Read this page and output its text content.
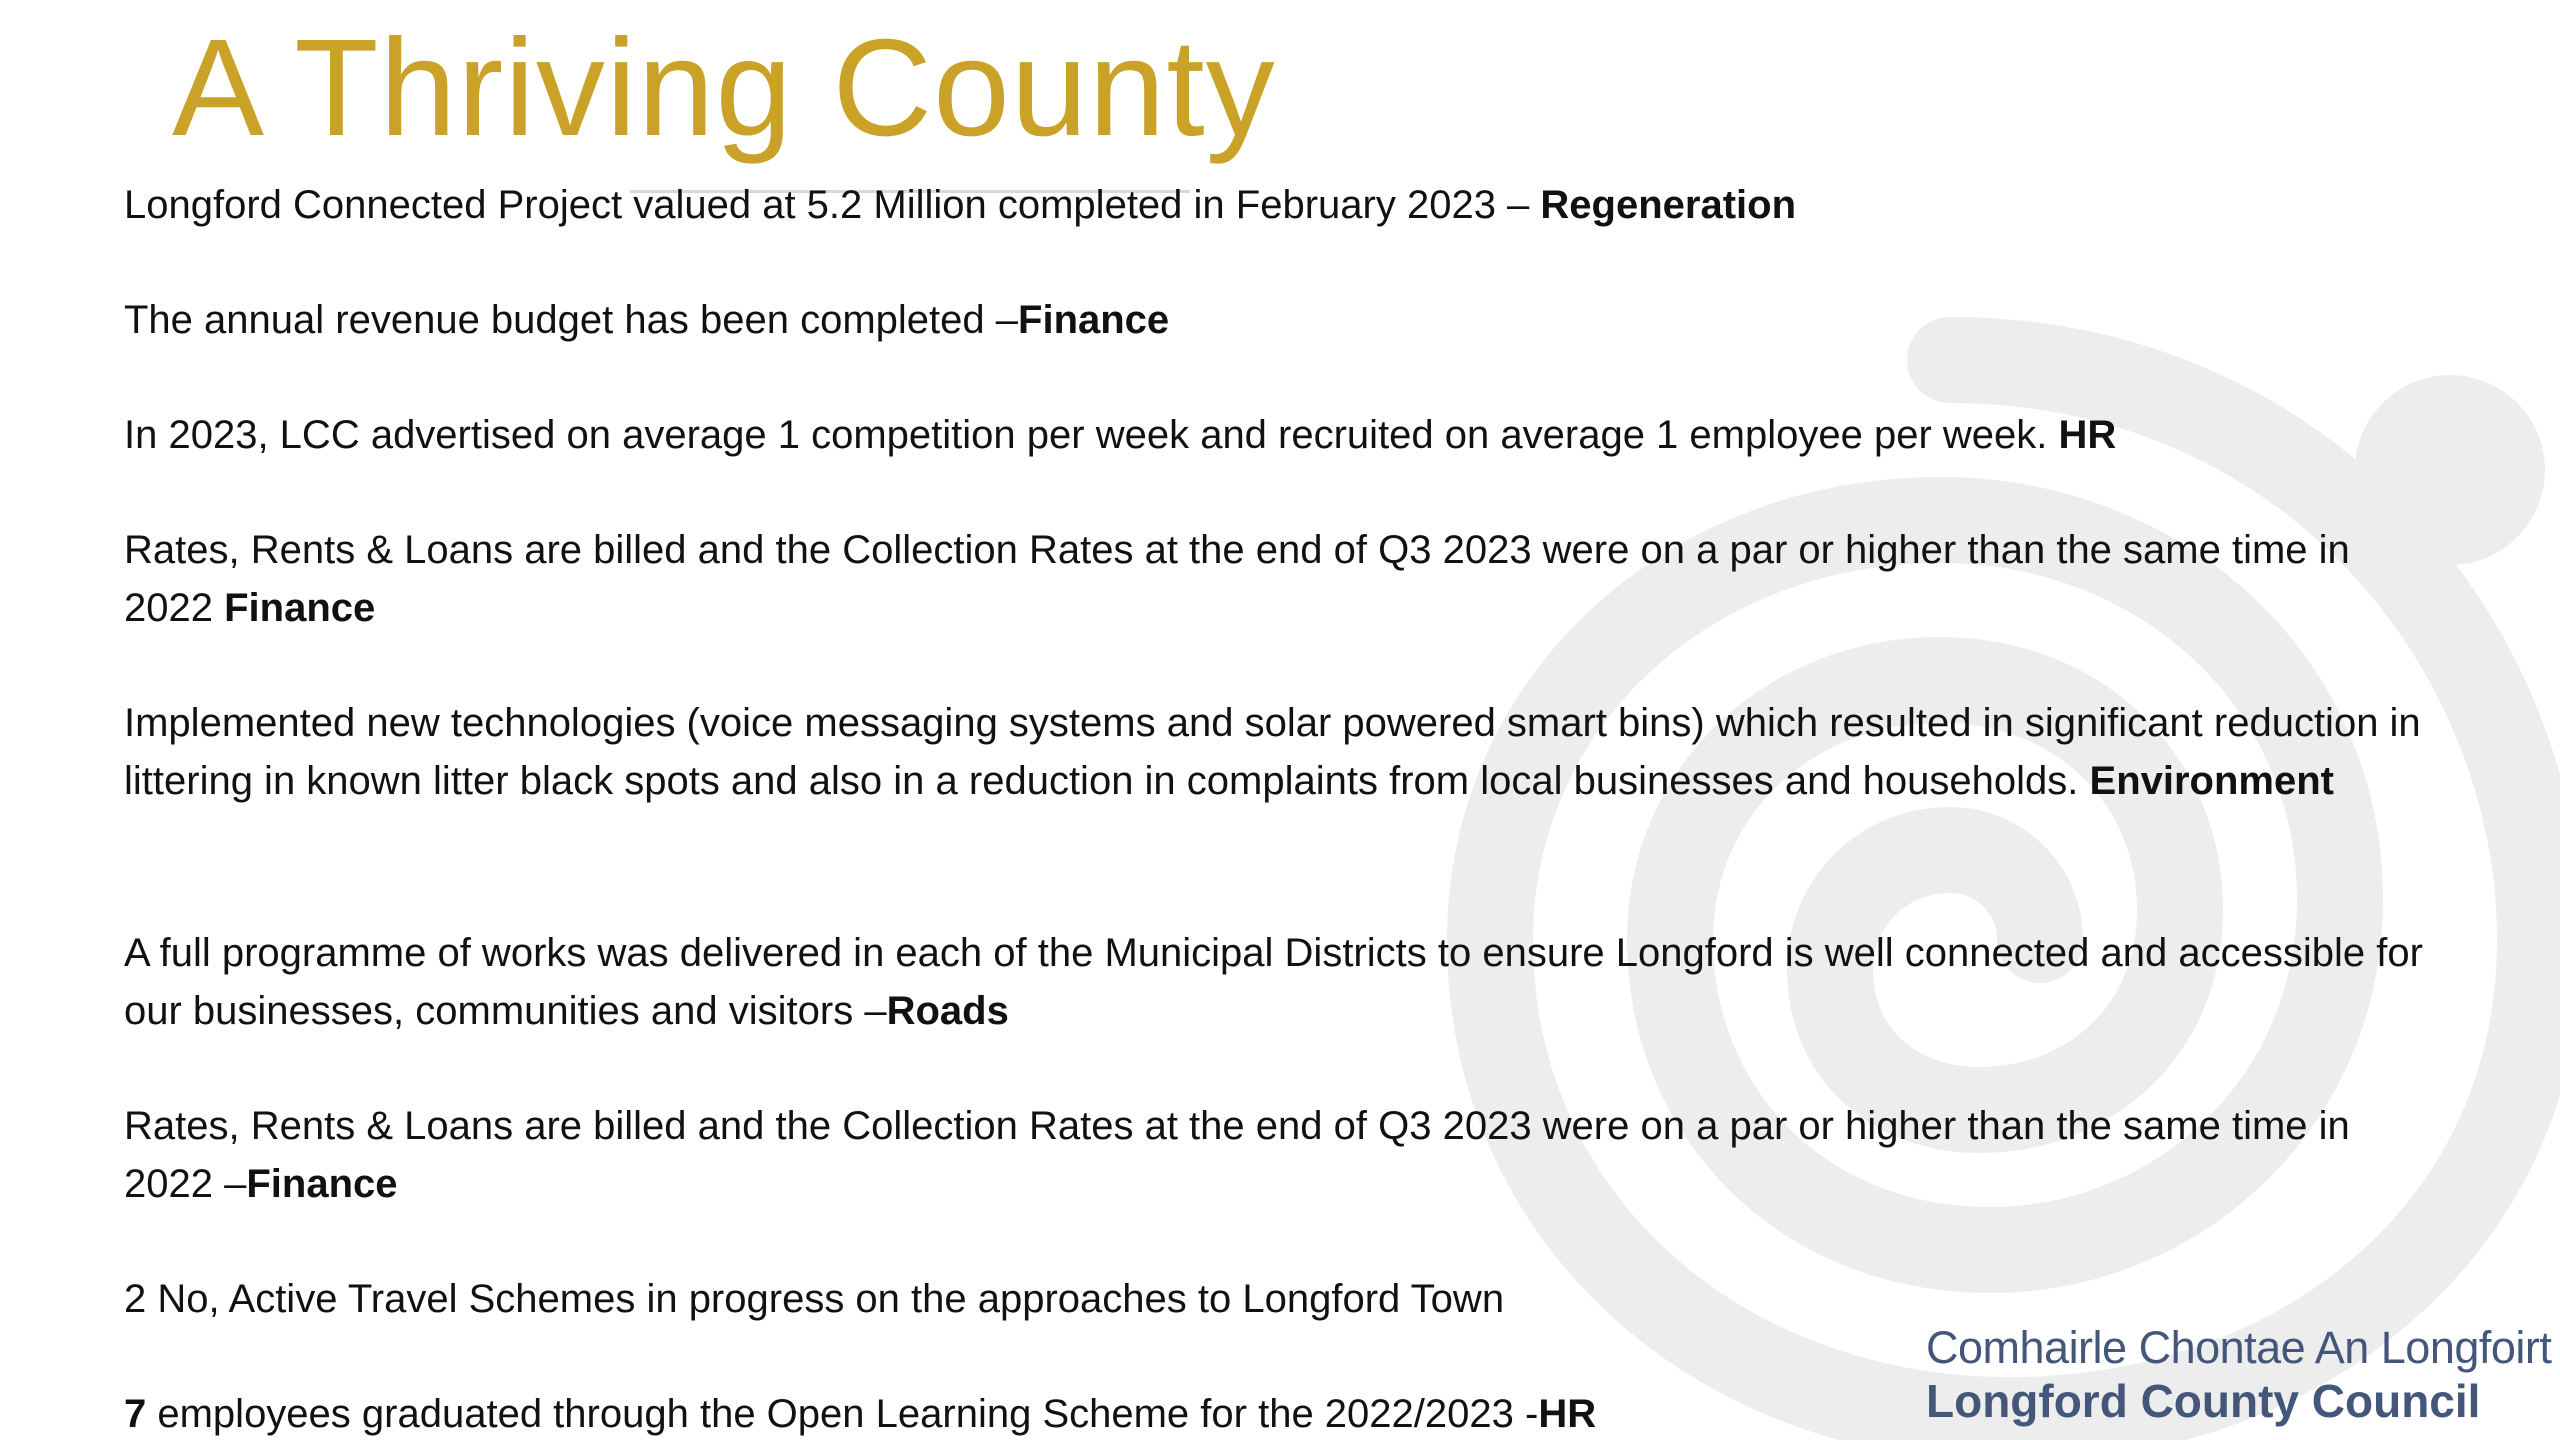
A Thriving County

Longford Connected Project valued at 5.2 Million completed in February 2023 – Regeneration

The annual revenue budget has been completed –Finance

In 2023, LCC advertised on average 1 competition per week and recruited on average 1 employee per week. HR

Rates, Rents & Loans are billed and the Collection Rates at the end of Q3 2023 were on a par or higher than the same time in 2022 Finance

Implemented new technologies (voice messaging systems and solar powered smart bins) which resulted in significant reduction in littering in known litter black spots and also in a reduction in complaints from local businesses and households. Environment

A full programme of works was delivered in each of the Municipal Districts to ensure Longford is well connected and accessible for our businesses, communities and visitors –Roads

Rates, Rents & Loans are billed and the Collection Rates at the end of Q3 2023 were on a par or higher than the same time in 2022 –Finance

2 No, Active Travel Schemes in progress on the approaches to Longford Town

7 employees graduated through the Open Learning Scheme for the 2022/2023 -HR

Comhairle Chontae An Longfoirt
Longford County Council
